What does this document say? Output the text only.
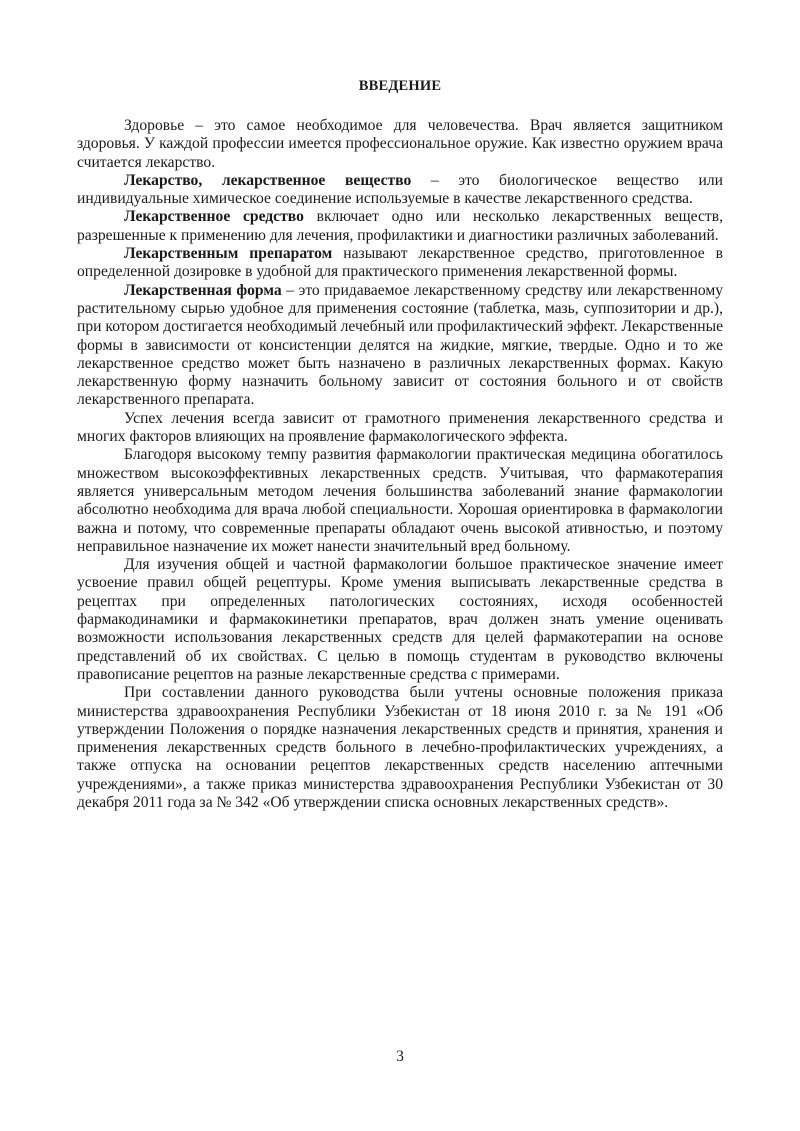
ВВЕДЕНИЕ

Здоровье – это самое необходимое для человечества. Врач является защитником здоровья. У каждой профессии имеется профессиональное оружие. Как известно оружием врача считается лекарство.

Лекарство, лекарственное вещество – это биологическое вещество или индивидуальные химическое соединение используемые в качестве лекарственного средства.

Лекарственное средство включает одно или несколько лекарственных веществ, разрешенные к применению для лечения, профилактики и диагностики различных заболеваний.

Лекарственным препаратом называют лекарственное средство, приготовленное в определенной дозировке в удобной для практического применения лекарственной формы.

Лекарственная форма – это придаваемое лекарственному средству или лекарственному растительному сырью удобное для применения состояние (таблетка, мазь, суппозитории и др.), при котором достигается необходимый лечебный или профилактический эффект. Лекарственные формы в зависимости от консистенции делятся на жидкие, мягкие, твердые. Одно и то же лекарственное средство может быть назначено в различных лекарственных формах. Какую лекарственную форму назначить больному зависит от состояния больного и от свойств лекарственного препарата.

Успех лечения всегда зависит от грамотного применения лекарственного средства и многих факторов влияющих на проявление фармакологического эффекта.

Благодоря высокому темпу развития фармакологии практическая медицина обогатилось множеством высокоэффективных лекарственных средств. Учитывая, что фармакотерапия является универсальным методом лечения большинства заболеваний знание фармакологии абсолютно необходима для врача любой специальности. Хорошая ориентировка в фармакологии важна и потому, что современные препараты обладают очень высокой ативностью, и поэтому неправильное назначение их может нанести значительный вред больному.

Для изучения общей и частной фармакологии большое практическое значение имеет усвоение правил общей рецептуры. Кроме умения выписывать лекарственные средства в рецептах при определенных патологических состояниях, исходя особенностей фармакодинамики и фармакокинетики препаратов, врач должен знать умение оценивать возможности использования лекарственных средств для целей фармакотерапии на основе представлений об их свойствах. С целью в помощь студентам в руководство включены правописание рецептов на разные лекарственные средства с примерами.

При составлении данного руководства были учтены основные положения приказа министерства здравоохранения Республики Узбекистан от 18 июня 2010 г. за № 191 «Об утверждении Положения о порядке назначения лекарственных средств и принятия, хранения и применения лекарственных средств больного в лечебно-профилактических учреждениях, а также отпуска на основании рецептов лекарственных средств населению аптечными учреждениями», а также приказ министерства здравоохранения Республики Узбекистан от 30 декабря 2011 года за № 342 «Об утверждении списка основных лекарственных средств».

3
